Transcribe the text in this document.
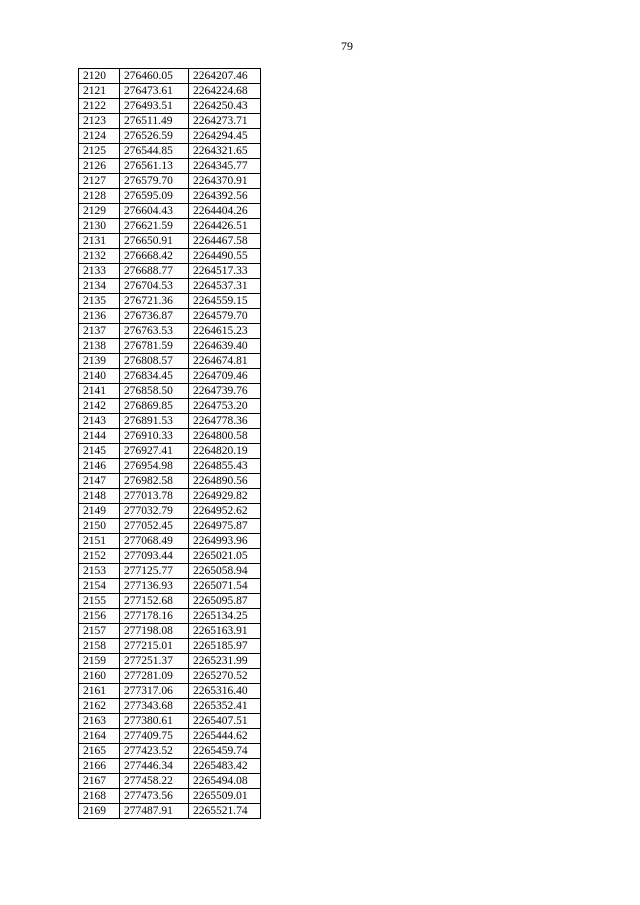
79
2120	276460.05	2264207.46
2121	276473.61	2264224.68
2122	276493.51	2264250.43
2123	276511.49	2264273.71
2124	276526.59	2264294.45
2125	276544.85	2264321.65
2126	276561.13	2264345.77
2127	276579.70	2264370.91
2128	276595.09	2264392.56
2129	276604.43	2264404.26
2130	276621.59	2264426.51
2131	276650.91	2264467.58
2132	276668.42	2264490.55
2133	276688.77	2264517.33
2134	276704.53	2264537.31
2135	276721.36	2264559.15
2136	276736.87	2264579.70
2137	276763.53	2264615.23
2138	276781.59	2264639.40
2139	276808.57	2264674.81
2140	276834.45	2264709.46
2141	276858.50	2264739.76
2142	276869.85	2264753.20
2143	276891.53	2264778.36
2144	276910.33	2264800.58
2145	276927.41	2264820.19
2146	276954.98	2264855.43
2147	276982.58	2264890.56
2148	277013.78	2264929.82
2149	277032.79	2264952.62
2150	277052.45	2264975.87
2151	277068.49	2264993.96
2152	277093.44	2265021.05
2153	277125.77	2265058.94
2154	277136.93	2265071.54
2155	277152.68	2265095.87
2156	277178.16	2265134.25
2157	277198.08	2265163.91
2158	277215.01	2265185.97
2159	277251.37	2265231.99
2160	277281.09	2265270.52
2161	277317.06	2265316.40
2162	277343.68	2265352.41
2163	277380.61	2265407.51
2164	277409.75	2265444.62
2165	277423.52	2265459.74
2166	277446.34	2265483.42
2167	277458.22	2265494.08
2168	277473.56	2265509.01
2169	277487.91	2265521.74
